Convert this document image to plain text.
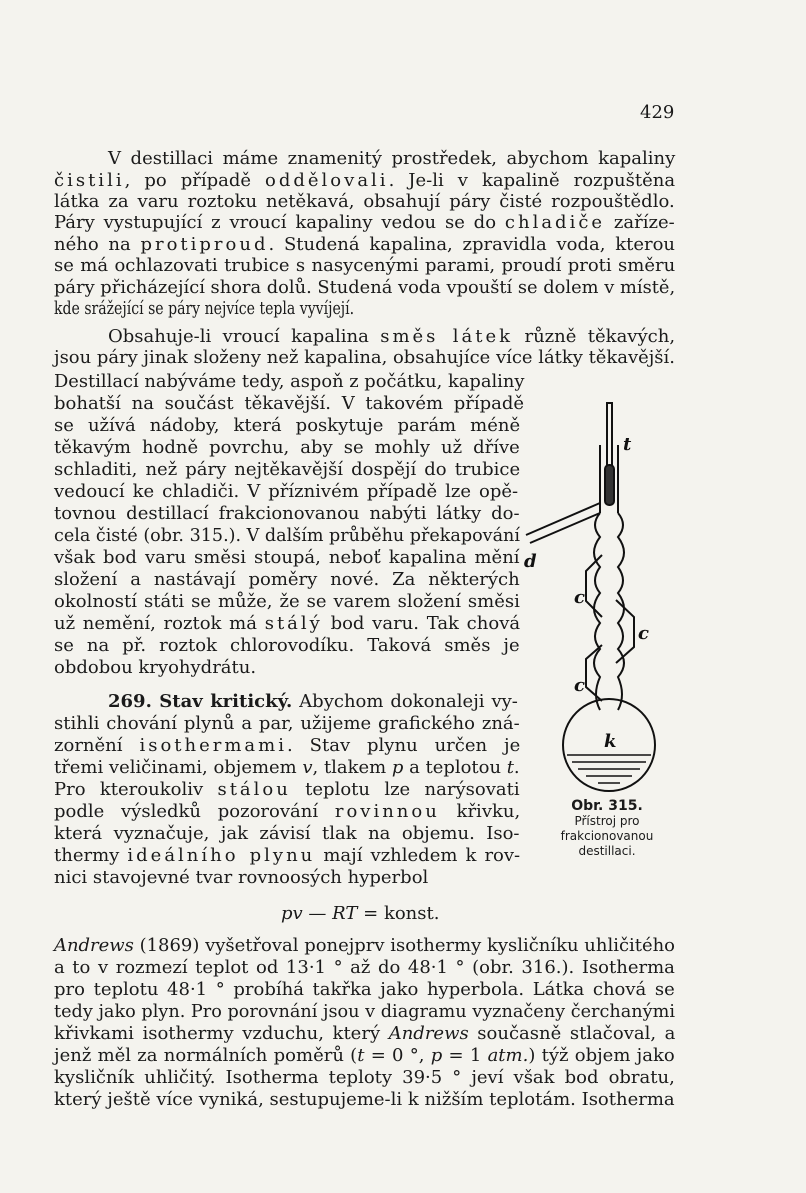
429
V destillaci máme znamenitý prostředek, abychom kapaliny
čistili, po případě oddělovali. Je-li v kapalině rozpuštěna
látka za varu roztoku netěkavá, obsahují páry čisté rozpouštědlo.
Páry vystupující z vroucí kapaliny vedou se do chladiče zaříze-
ného na protiproud. Studená kapalina, zpravidla voda, kterou
se má ochlazovati trubice s nasycenými parami, proudí proti směru
páry přicházející shora dolů. Studená voda vpouští se dolem v místě,
kde srážející se páry nejvíce tepla vyvíjejí.
Obsahuje-li vroucí kapalina směs látek různě těkavých,
jsou páry jinak složeny než kapalina, obsahujíce více látky těkavější.
Destillací nabýváme tedy, aspoň z počátku, kapaliny
bohatší na součást těkavější. V takovém případě
se užívá nádoby, která poskytuje parám méně
těkavým hodně povrchu, aby se mohly už dříve
schladiti, než páry nejtěkavější dospějí do trubice
vedoucí ke chladiči. V příznivém případě lze opě-
tovnou destillací frakcionovanou nabýti látky do-
cela čisté (obr. 315.). V dalším průběhu překapování
však bod varu směsi stoupá, neboť kapalina mění
složení a nastávají poměry nové. Za některých
okolností státi se může, že se varem složení směsi
už nemění, roztok má stálý bod varu. Tak chová
se na př. roztok chlorovodíku. Taková směs je
obdobou kryohydrátu.
269. Stav kritický. Abychom dokonaleji vy-
stihli chování plynů a par, užijeme grafického zná-
zornění isothermami. Stav plynu určen je
třemi veličinami, objemem v, tlakem p a teplotou t.
Pro kteroukoliv stálou teplotu lze narýsovati
podle výsledků pozorování rovinnou křivku,
která vyznačuje, jak závisí tlak na objemu. Iso-
thermy ideálního plynu mají vzhledem k rov-
nici stavojevné tvar rovnoosých hyperbol
Andrews (1869) vyšetřoval ponejprv isothermy kysličníku uhličitého
a to v rozmezí teplot od 13·1 ° až do 48·1 ° (obr. 316.). Isotherma
pro teplotu 48·1 ° probíhá takřka jako hyperbola. Látka chová se
tedy jako plyn. Pro porovnání jsou v diagramu vyznačeny čerchanými
křivkami isothermy vzduchu, který Andrews současně stlačoval, a
jenž měl za normálních poměrů (t = 0 °, p = 1 atm.) týž objem jako
kysličník uhličitý. Isotherma teploty 39·5 ° jeví však bod obratu,
který ještě více vyniká, sestupujeme-li k nižším teplotám. Isotherma
pv — RT = konst.
t
d
c
c
c
k
Obr. 315.
Přístroj pro
frakcionovanou
destillaci.
